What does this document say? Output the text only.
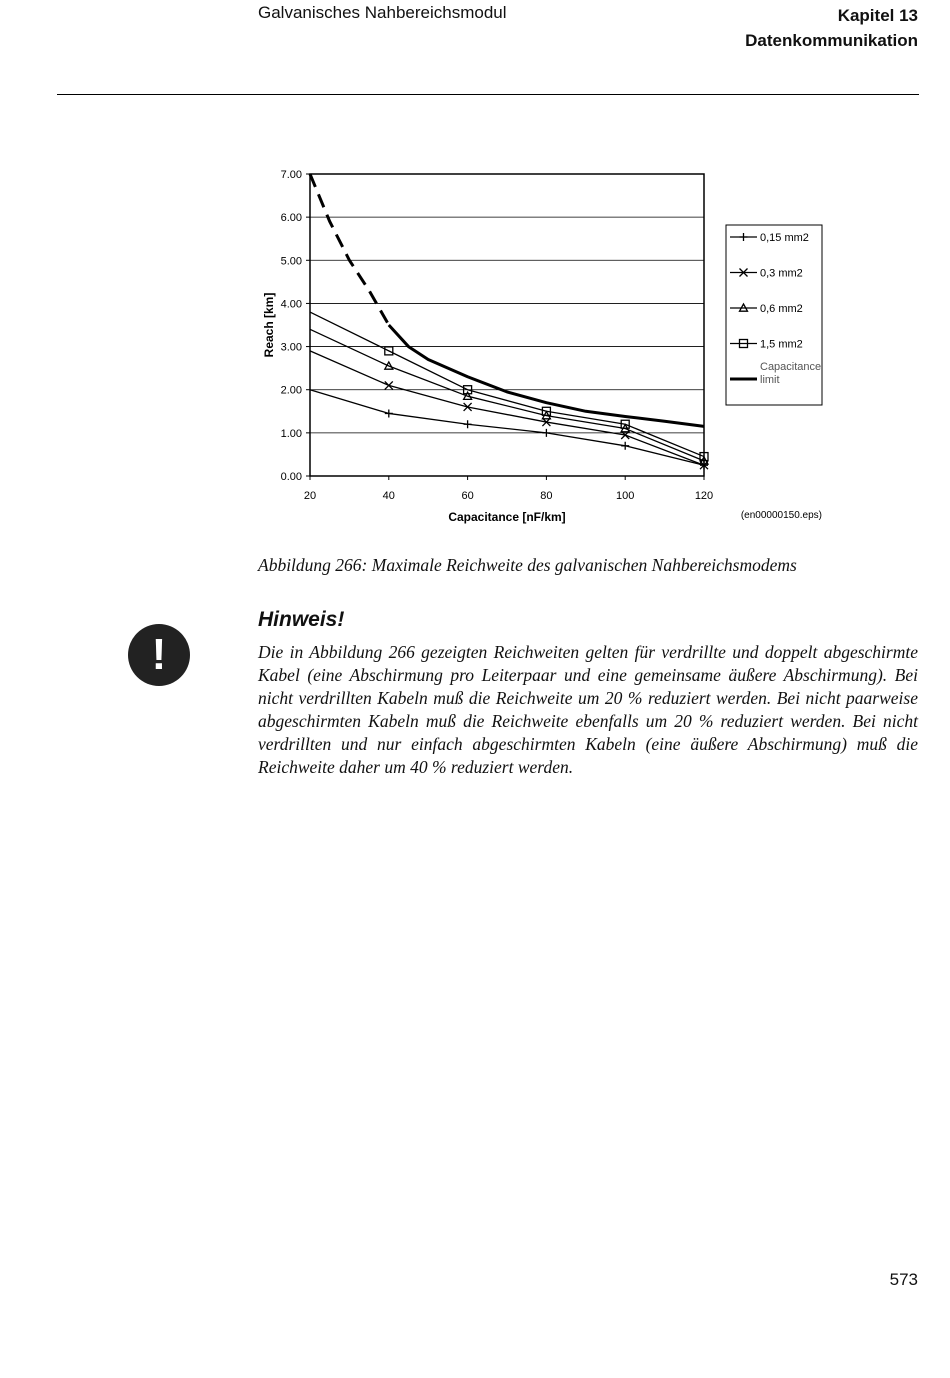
Galvanisches Nahbereichsmodul	Kapitel 13
Datenkommunikation
0.00
1.00
2.00
3.00
4.00
5.00
6.00
7.00
20	40	60	80	100	120
Reach [km]
Capacitance [nF/km]
0,15 mm2
0,3 mm2
0,6 mm2
1,5 mm2
Capacitance limit
(en00000150.eps)
Abbildung 266: Maximale Reichweite des galvanischen Nahbereichsmodems
!
Hinweis!

Die in Abbildung 266 gezeigten Reichweiten gelten für verdrillte und doppelt abgeschirmte Kabel (eine Abschirmung pro Leiterpaar und eine gemeinsame äußere Abschirmung). Bei nicht verdrillten Kabeln muß die Reichweite um 20 % reduziert werden. Bei nicht paarweise abgeschirmten Kabeln muß die Reichweite ebenfalls um 20 % reduziert werden. Bei nicht verdrillten und nur einfach abgeschirmten Kabeln (eine äußere Abschirmung) muß die Reichweite daher um 40 % reduziert werden.

573
